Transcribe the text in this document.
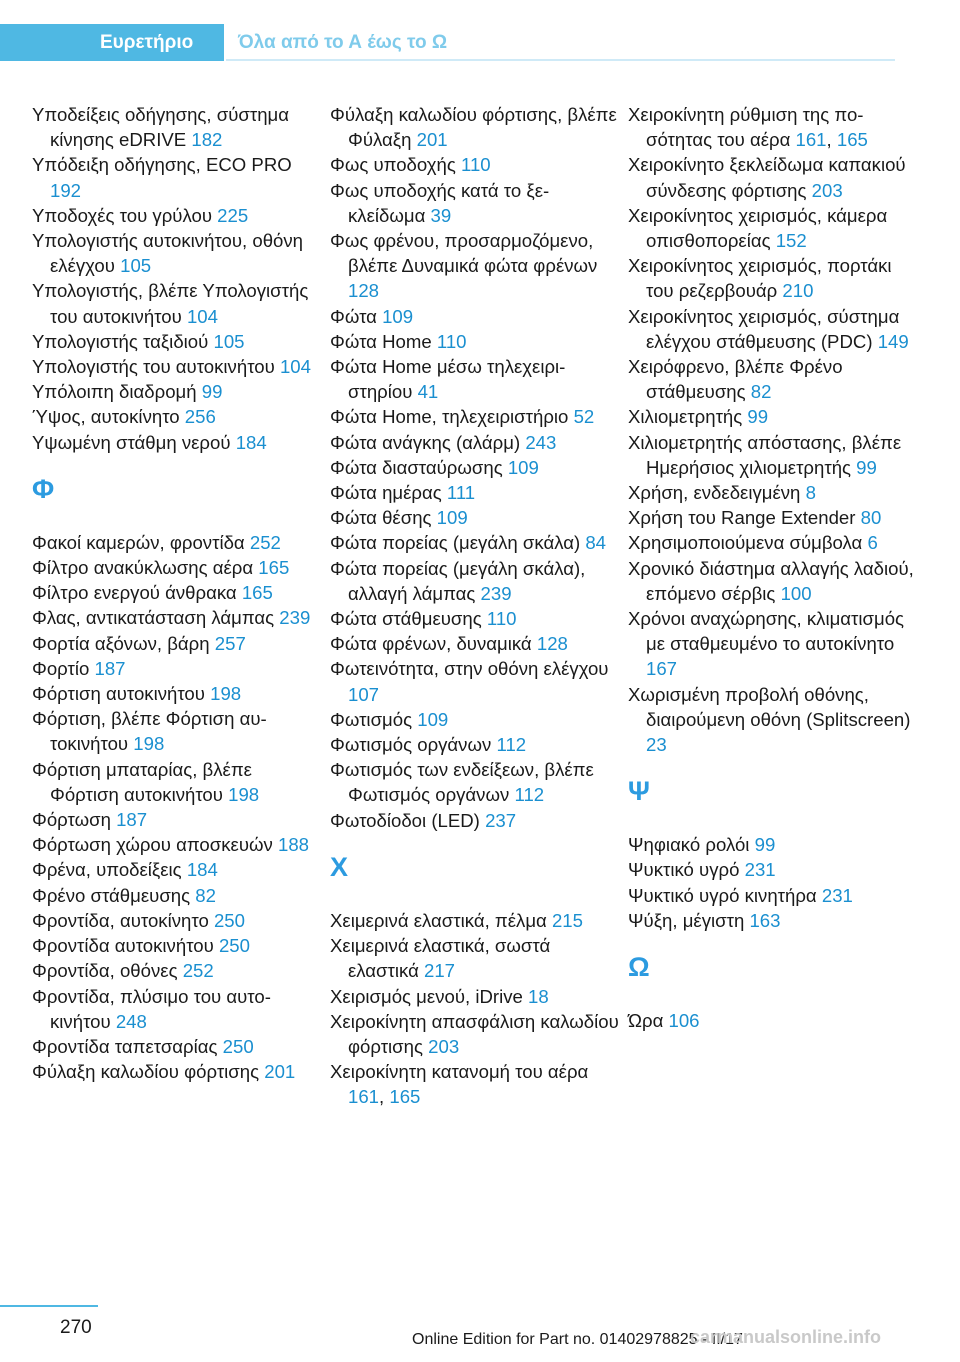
Ευρετήριο	Όλα από το Α έως το Ω

Υποδείξεις οδήγησης, σύστημα κίνησης eDRIVE 182

Υπόδειξη οδήγησης, ECO PRO 192

Υποδοχές του γρύλου 225

Υπολογιστής αυτοκινήτου, οθόνη ελέγχου 105

Υπολογιστής, βλέπε Υπολογιστής του αυτοκινήτου 104

Υπολογιστής ταξιδιού 105

Υπολογιστής του αυτοκινήτου 104

Υπόλοιπη διαδρομή 99

Ύψος, αυτοκίνητο 256

Υψωμένη στάθμη νερού 184

Φ

Φακοί καμερών, φροντίδα 252

Φίλτρο ανακύκλωσης αέρα 165

Φίλτρο ενεργού άνθρακα 165

Φλας, αντικατάσταση λάμπας 239

Φορτία αξόνων, βάρη 257

Φορτίο 187

Φόρτιση αυτοκινήτου 198

Φόρτιση, βλέπε Φόρτιση αυτοκινήτου 198

Φόρτιση μπαταρίας, βλέπε Φόρτιση αυτοκινήτου 198

Φόρτωση 187

Φόρτωση χώρου αποσκευών 188

Φρένα, υποδείξεις 184

Φρένο στάθμευσης 82

Φροντίδα, αυτοκίνητο 250

Φροντίδα αυτοκινήτου 250

Φροντίδα, οθόνες 252

Φροντίδα, πλύσιμο του αυτοκινήτου 248

Φροντίδα ταπετσαρίας 250

Φύλαξη καλωδίου φόρτισης 201

Φύλαξη καλωδίου φόρτισης, βλέπε Φύλαξη 201

Φως υποδοχής 110

Φως υποδοχής κατά το ξεκλείδωμα 39

Φως φρένου, προσαρμοζόμενο, βλέπε Δυναμικά φώτα φρένων 128

Φώτα 109

Φώτα Home 110

Φώτα Home μέσω τηλεχειριστηρίου 41

Φώτα Home, τηλεχειριστήριο 52

Φώτα ανάγκης (αλάρμ) 243

Φώτα διασταύρωσης 109

Φώτα ημέρας 111

Φώτα θέσης 109

Φώτα πορείας (μεγάλη σκάλα) 84

Φώτα πορείας (μεγάλη σκάλα), αλλαγή λάμπας 239

Φώτα στάθμευσης 110

Φώτα φρένων, δυναμικά 128

Φωτεινότητα, στην οθόνη ελέγχου 107

Φωτισμός 109

Φωτισμός οργάνων 112

Φωτισμός των ενδείξεων, βλέπε Φωτισμός οργάνων 112

Φωτοδίοδοι (LED) 237

Χ

Χειμερινά ελαστικά, πέλμα 215

Χειμερινά ελαστικά, σωστά ελαστικά 217

Χειρισμός μενού, iDrive 18

Χειροκίνητη απασφάλιση καλωδίου φόρτισης 203

Χειροκίνητη κατανομή του αέρα 161, 165

Χειροκίνητη ρύθμιση της ποσότητας του αέρα 161, 165

Χειροκίνητο ξεκλείδωμα καπακιού σύνδεσης φόρτισης 203

Χειροκίνητος χειρισμός, κάμερα οπισθοπορείας 152

Χειροκίνητος χειρισμός, πορτάκι του ρεζερβουάρ 210

Χειροκίνητος χειρισμός, σύστημα ελέγχου στάθμευσης (PDC) 149

Χειρόφρενο, βλέπε Φρένο στάθμευσης 82

Χιλιομετρητής 99

Χιλιομετρητής απόστασης, βλέπε Ημερήσιος χιλιομετρητής 99

Χρήση, ενδεδειγμένη 8

Χρήση του Range Extender 80

Χρησιμοποιούμενα σύμβολα 6

Χρονικό διάστημα αλλαγής λαδιού, επόμενο σέρβις 100

Χρόνοι αναχώρησης, κλιματισμός με σταθμευμένο το αυτοκίνητο 167

Χωρισμένη προβολή οθόνης, διαιρούμενη οθόνη (Splitscreen) 23

Ψ

Ψηφιακό ρολόι 99

Ψυκτικό υγρό 231

Ψυκτικό υγρό κινητήρα 231

Ψύξη, μέγιστη 163

Ω

Ώρα 106

270
Online Edition for Part no. 01402978825 - II/17
carmanualsonline.info
